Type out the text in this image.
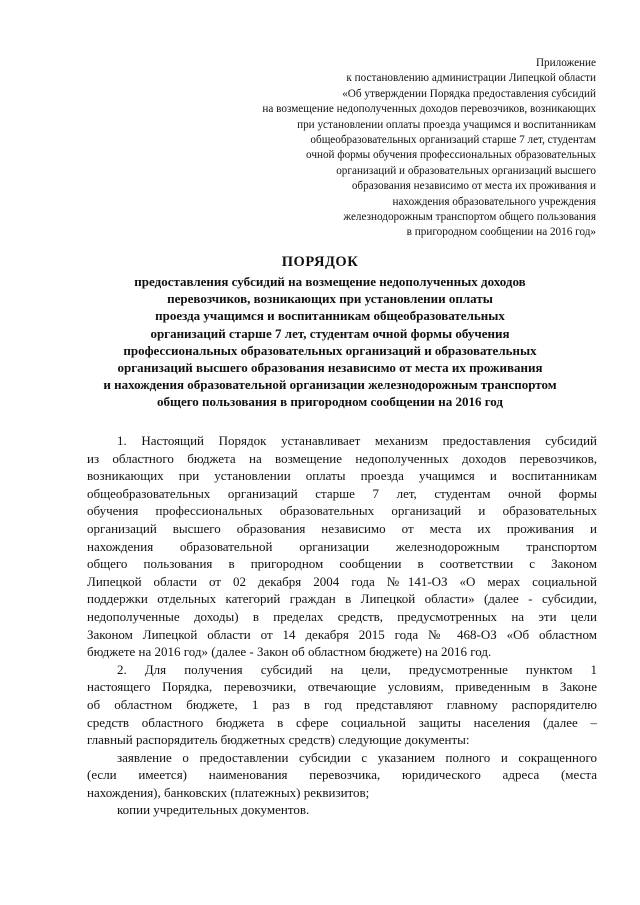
Приложение
к постановлению администрации Липецкой области
«Об утверждении Порядка предоставления субсидий
на возмещение недополученных доходов перевозчиков, возникающих
при установлении оплаты проезда учащимся и воспитанникам
общеобразовательных организаций старше 7 лет, студентам
очной формы обучения профессиональных образовательных
организаций и образовательных организаций высшего
образования независимо от места их проживания и
нахождения образовательного учреждения
железнодорожным транспортом общего пользования
в пригородном сообщении на 2016 год»
ПОРЯДОК
предоставления субсидий на возмещение недополученных доходов
перевозчиков, возникающих при установлении оплаты
проезда учащимся и воспитанникам общеобразовательных
организаций старше 7 лет, студентам очной формы обучения
профессиональных образовательных организаций и образовательных
организаций высшего образования независимо от места их проживания
и нахождения образовательной организации железнодорожным транспортом
общего пользования в пригородном сообщении на 2016 год
1. Настоящий Порядок устанавливает механизм предоставления субсидий
из областного бюджета на возмещение недополученных доходов перевозчиков,
возникающих при установлении оплаты проезда учащимся и воспитанникам
общеобразовательных организаций старше 7 лет, студентам очной формы
обучения профессиональных образовательных организаций и образовательных
организаций высшего образования независимо от места их проживания и
нахождения образовательной организации железнодорожным транспортом
общего пользования в пригородном сообщении в соответствии с Законом
Липецкой области от 02 декабря 2004 года №141-ОЗ «О мерах социальной
поддержки отдельных категорий граждан в Липецкой области» (далее - субсидии,
недополученные доходы) в пределах средств, предусмотренных на эти цели
Законом Липецкой области от 14 декабря 2015 года № 468-ОЗ «Об областном
бюджете на 2016 год» (далее - Закон об областном бюджете) на 2016 год.
2. Для получения субсидий на цели, предусмотренные пунктом 1
настоящего Порядка, перевозчики, отвечающие условиям, приведенным в Законе
об областном бюджете, 1 раз в год представляют главному распорядителю
средств областного бюджета в сфере социальной защиты населения (далее –
главный распорядитель бюджетных средств) следующие документы:
заявление о предоставлении субсидии с указанием полного и сокращенного
(если имеется) наименования перевозчика, юридического адреса (места
нахождения), банковских (платежных) реквизитов;
копии учредительных документов.
